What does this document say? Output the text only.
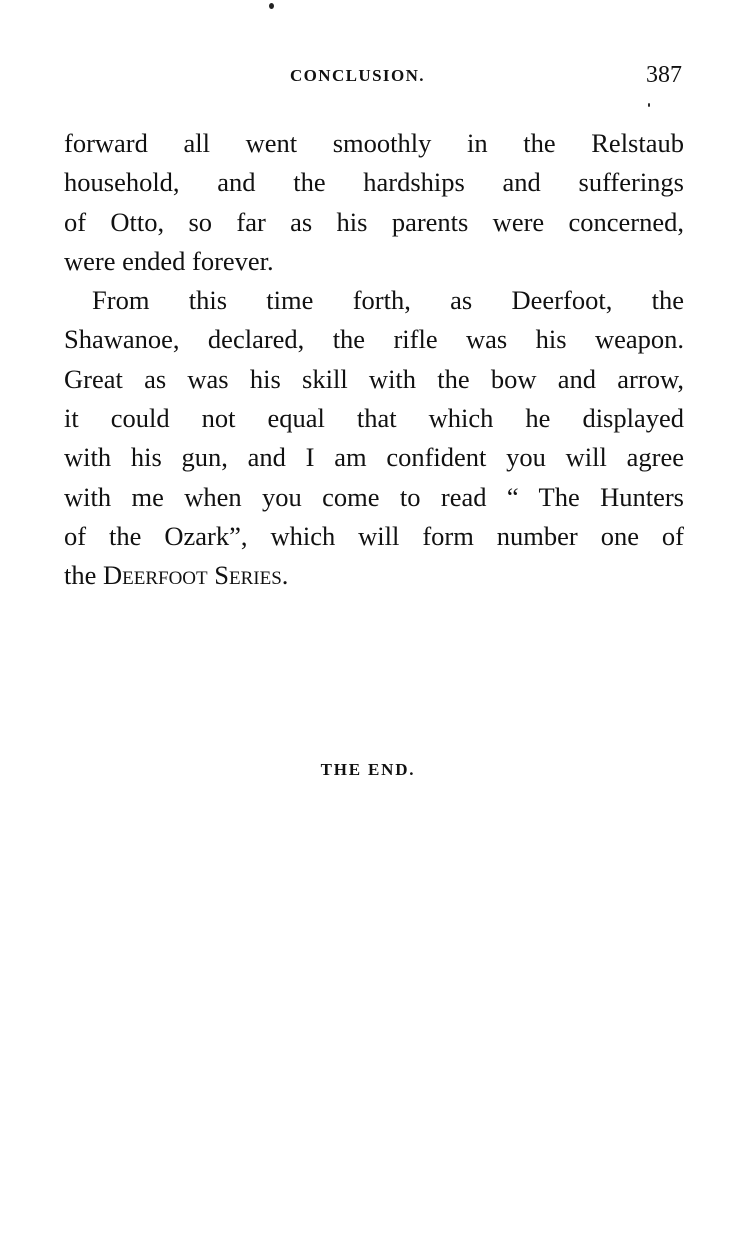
CONCLUSION.	387
forward all went smoothly in the Relstaub
household, and the hardships and sufferings
of Otto, so far as his parents were concerned,
were ended forever.
From this time forth, as Deerfoot, the
Shawanoe, declared, the rifle was his weapon.
Great as was his skill with the bow and arrow,
it could not equal that which he displayed
with his gun, and I am confident you will agree
with me when you come to read “ The Hunters
of the Ozark”, which will form number one of
the Deerfoot Series.
THE END.
